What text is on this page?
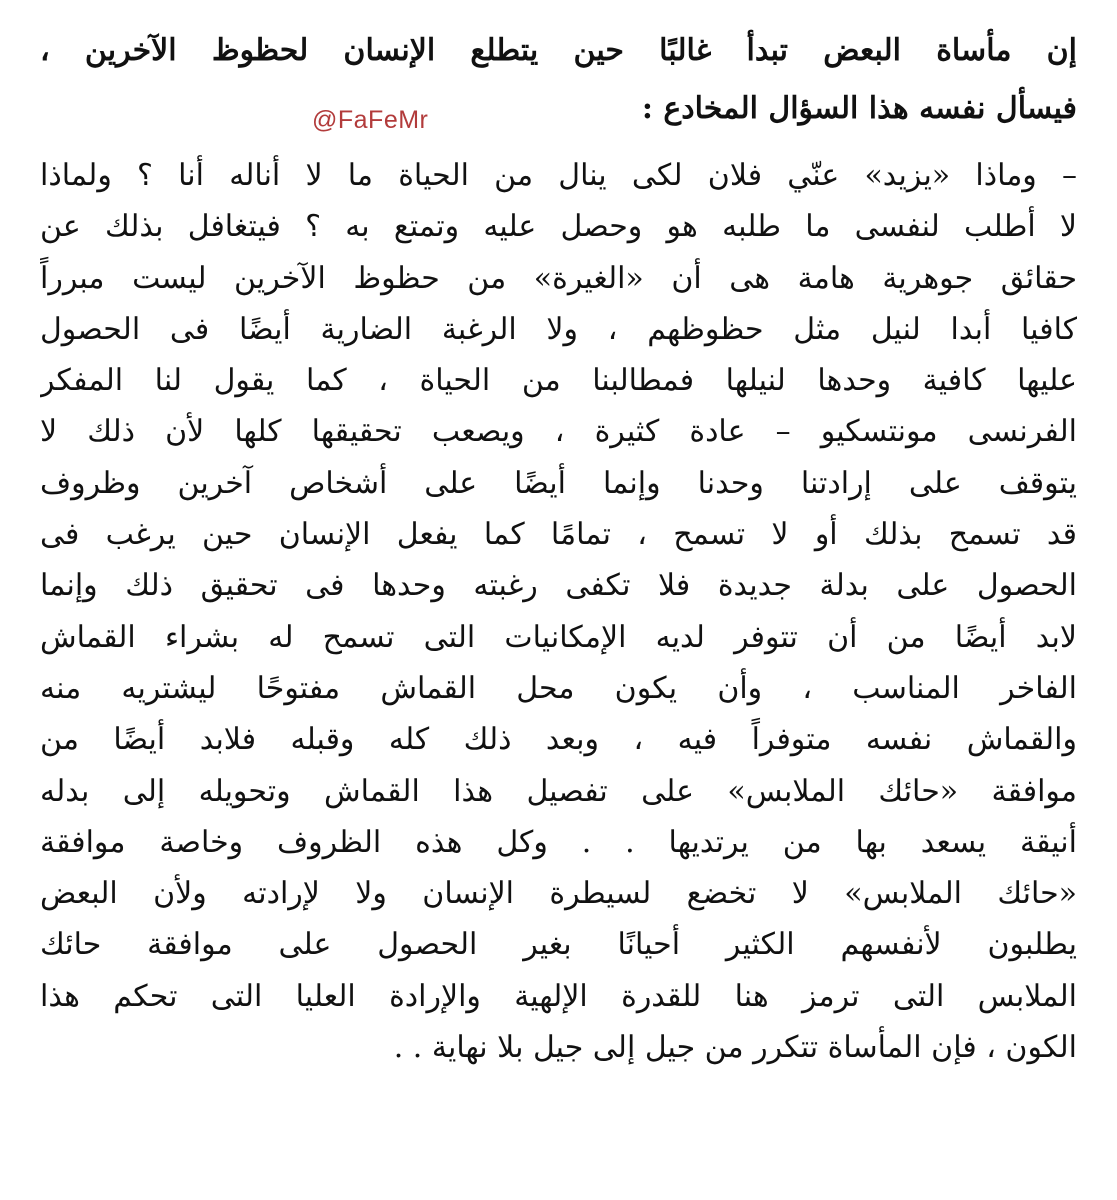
إن مأساة البعض تبدأ غالبًا حين يتطلع الإنسان لحظوظ الآخرين ،
فيسأل نفسه هذا السؤال المخادع :
@FaFeMr
– وماذا «يزيد» عنّي فلان لكى ينال من الحياة ما لا أناله أنا ؟ ولماذا
لا أطلب لنفسى ما طلبه هو وحصل عليه وتمتع به ؟ فيتغافل بذلك عن
حقائق جوهرية هامة هى أن «الغيرة» من حظوظ الآخرين ليست مبرراً
كافيا أبدا لنيل مثل حظوظهم ، ولا الرغبة الضارية أيضًا فى الحصول
عليها كافية وحدها لنيلها فمطالبنا من الحياة ، كما يقول لنا المفكر
الفرنسى مونتسكيو – عادة كثيرة ، ويصعب تحقيقها كلها لأن ذلك لا
يتوقف على إرادتنا وحدنا وإنما أيضًا على أشخاص آخرين وظروف
قد تسمح بذلك أو لا تسمح ، تمامًا كما يفعل الإنسان حين يرغب فى
الحصول على بدلة جديدة فلا تكفى رغبته وحدها فى تحقيق ذلك وإنما
لابد أيضًا من أن تتوفر لديه الإمكانيات التى تسمح له بشراء القماش
الفاخر المناسب ، وأن يكون محل القماش مفتوحًا ليشتريه منه
والقماش نفسه متوفراً فيه ، وبعد ذلك كله وقبله فلابد أيضًا من
موافقة «حائك الملابس» على تفصيل هذا القماش وتحويله إلى بدله
أنيقة يسعد بها من يرتديها . . وكل هذه الظروف وخاصة موافقة
«حائك الملابس» لا تخضع لسيطرة الإنسان ولا لإرادته ولأن البعض
يطلبون لأنفسهم الكثير أحيانًا بغير الحصول على موافقة حائك
الملابس التى ترمز هنا للقدرة الإلهية والإرادة العليا التى تحكم هذا
الكون ، فإن المأساة تتكرر من جيل إلى جيل بلا نهاية . .
